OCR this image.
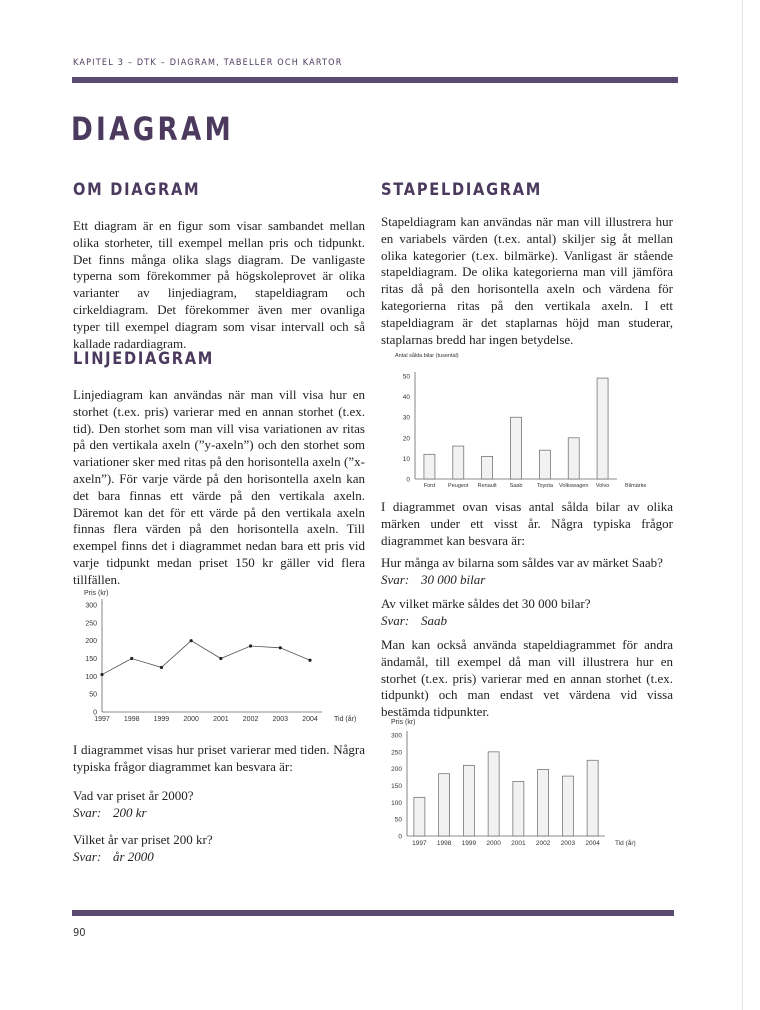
KAPITEL 3 – DTK – DIAGRAM, TABELLER OCH KARTOR
DIAGRAM
OM DIAGRAM

Ett diagram är en figur som visar sambandet mellan olika storheter, till exempel mellan pris och tidpunkt. Det finns många olika slags diagram. De vanligaste typerna som förekommer på högskoleprovet är olika varianter av linjediagram, stapeldiagram och cirkeldiagram. Det förekommer även mer ovanliga typer till exempel diagram som visar intervall och så kallade radardiagram.

LINJEDIAGRAM

Linjediagram kan användas när man vill visa hur en storhet (t.ex. pris) varierar med en annan storhet (t.ex. tid). Den storhet som man vill visa variationen av ritas på den vertikala axeln (”y-axeln”) och den storhet som variationer sker med ritas på den horisontella axeln (”x-axeln”). För varje värde på den horisontella axeln kan det bara finnas ett värde på den vertikala axeln. Däremot kan det för ett värde på den vertikala axeln finnas flera värden på den horisontella axeln. Till exempel finns det i diagrammet nedan bara ett pris vid varje tidpunkt medan priset 150 kr gäller vid flera tillfällen.

Pris (kr)
0
50
100
150
200
250
300
1997 1998 1999 2000 2001 2002 2003 2004 Tid (år)

I diagrammet visas hur priset varierar med tiden. Några typiska frågor diagrammet kan besvara är:

Vad var priset år 2000?
Svar: 200 kr
Vilket år var priset 200 kr?
Svar: år 2000
STAPELDIAGRAM

Stapeldiagram kan användas när man vill illustrera hur en variabels värden (t.ex. antal) skiljer sig åt mellan olika kategorier (t.ex. bilmärke). Vanligast är stående stapeldiagram. De olika kategorierna man vill jämföra ritas då på den horisontella axeln och värdena för kategorierna ritas på den vertikala axeln. I ett stapeldiagram är det staplarnas höjd man studerar, staplarnas bredd har ingen betydelse.

Antal sålda bilar (tusental)
0
10
20
30
40
50
Ford Peugeot Renault Saab	Toyota Volkswagen Volvo	Bilmärke

I diagrammet ovan visas antal sålda bilar av olika märken under ett visst år. Några typiska frågor diagrammet kan besvara är:

Hur många av bilarna som såldes var av märket Saab?
Svar: 30 000 bilar
Av vilket märke såldes det 30 000 bilar?
Svar: Saab

Man kan också använda stapeldiagrammet för andra ändamål, till exempel då man vill illustrera hur en storhet (t.ex. pris) varierar med en annan storhet (t.ex. tidpunkt) och man endast vet värdena vid vissa bestämda tidpunkter.

Pris (kr)
0
50
100
150
200
250
300
1997 1998 1999 2000 2001 2002 2003 2004 Tid (år)
90
